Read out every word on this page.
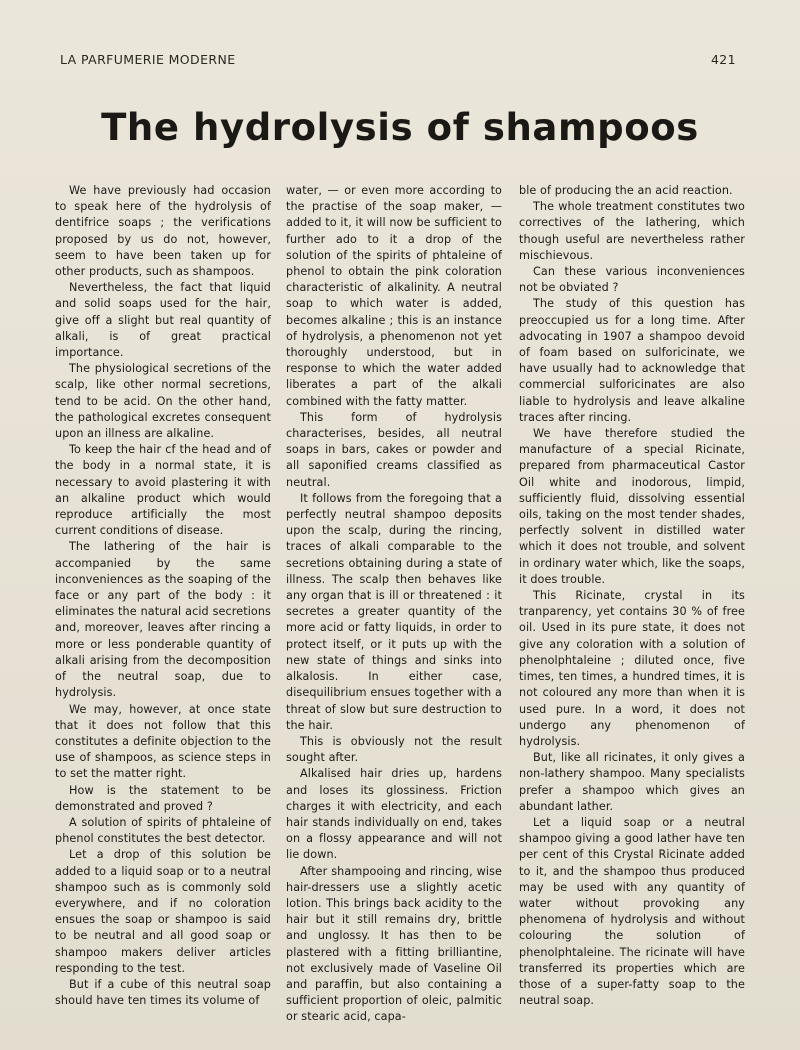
LA PARFUMERIE MODERNE	421
The hydrolysis of shampoos

We have previously had occasion to speak here of the hydrolysis of dentifrice soaps ; the verifications proposed by us do not, however, seem to have been taken up for other products, such as shampoos.

Nevertheless, the fact that liquid and solid soaps used for the hair, give off a slight but real quantity of alkali, is of great practical importance.

The physiological secretions of the scalp, like other normal secretions, tend to be acid. On the other hand, the pathological excretes consequent upon an illness are alkaline.

To keep the hair cf the head and of the body in a normal state, it is necessary to avoid plastering it with an alkaline product which would reproduce artificially the most current conditions of disease.

The lathering of the hair is accompanied by the same inconveniences as the soaping of the face or any part of the body : it eliminates the natural acid secretions and, moreover, leaves after rincing a more or less ponderable quantity of alkali arising from the decomposition of the neutral soap, due to hydrolysis.

We may, however, at once state that it does not follow that this constitutes a definite objection to the use of shampoos, as science steps in to set the matter right.

How is the statement to be demonstrated and proved ?

A solution of spirits of phtaleine of phenol constitutes the best detector.

Let a drop of this solution be added to a liquid soap or to a neutral shampoo such as is commonly sold everywhere, and if no coloration ensues the soap or shampoo is said to be neutral and all good soap or shampoo makers deliver articles responding to the test.

But if a cube of this neutral soap should have ten times its volume of

water, — or even more according to the practise of the soap maker, — added to it, it will now be sufficient to further ado to it a drop of the solution of the spirits of phtaleine of phenol to obtain the pink coloration characteristic of alkalinity. A neutral soap to which water is added, becomes alkaline ; this is an instance of hydrolysis, a phenomenon not yet thoroughly understood, but in response to which the water added liberates a part of the alkali combined with the fatty matter.

This form of hydrolysis characterises, besides, all neutral soaps in bars, cakes or powder and all saponified creams classified as neutral.

It follows from the foregoing that a perfectly neutral shampoo deposits upon the scalp, during the rincing, traces of alkali comparable to the secretions obtaining during a state of illness. The scalp then behaves like any organ that is ill or threatened : it secretes a greater quantity of the more acid or fatty liquids, in order to protect itself, or it puts up with the new state of things and sinks into alkalosis. In either case, disequilibrium ensues together with a threat of slow but sure destruction to the hair.

This is obviously not the result sought after.

Alkalised hair dries up, hardens and loses its glossiness. Friction charges it with electricity, and each hair stands individually on end, takes on a flossy appearance and will not lie down.

After shampooing and rincing, wise hair-dressers use a slightly acetic lotion. This brings back acidity to the hair but it still remains dry, brittle and unglossy. It has then to be plastered with a fitting brilliantine, not exclusively made of Vaseline Oil and paraffin, but also containing a sufficient proportion of oleic, palmitic or stearic acid, capa-

ble of producing the an acid reaction.

The whole treatment constitutes two correctives of the lathering, which though useful are nevertheless rather mischievous.

Can these various inconveniences not be obviated ?

The study of this question has preoccupied us for a long time. After advocating in 1907 a shampoo devoid of foam based on sulforicinate, we have usually had to acknowledge that commercial sulforicinates are also liable to hydrolysis and leave alkaline traces after rincing.

We have therefore studied the manufacture of a special Ricinate, prepared from pharmaceutical Castor Oil white and inodorous, limpid, sufficiently fluid, dissolving essential oils, taking on the most tender shades, perfectly solvent in distilled water which it does not trouble, and solvent in ordinary water which, like the soaps, it does trouble.

This Ricinate, crystal in its tranparency, yet contains 30 % of free oil. Used in its pure state, it does not give any coloration with a solution of phenolphtaleine ; diluted once, five times, ten times, a hundred times, it is not coloured any more than when it is used pure. In a word, it does not undergo any phenomenon of hydrolysis.

But, like all ricinates, it only gives a non-lathery shampoo. Many specialists prefer a shampoo which gives an abundant lather.

Let a liquid soap or a neutral shampoo giving a good lather have ten per cent of this Crystal Ricinate added to it, and the shampoo thus produced may be used with any quantity of water without provoking any phenomena of hydrolysis and without colouring the solution of phenolphtaleine. The ricinate will have transferred its properties which are those of a super-fatty soap to the neutral soap.
